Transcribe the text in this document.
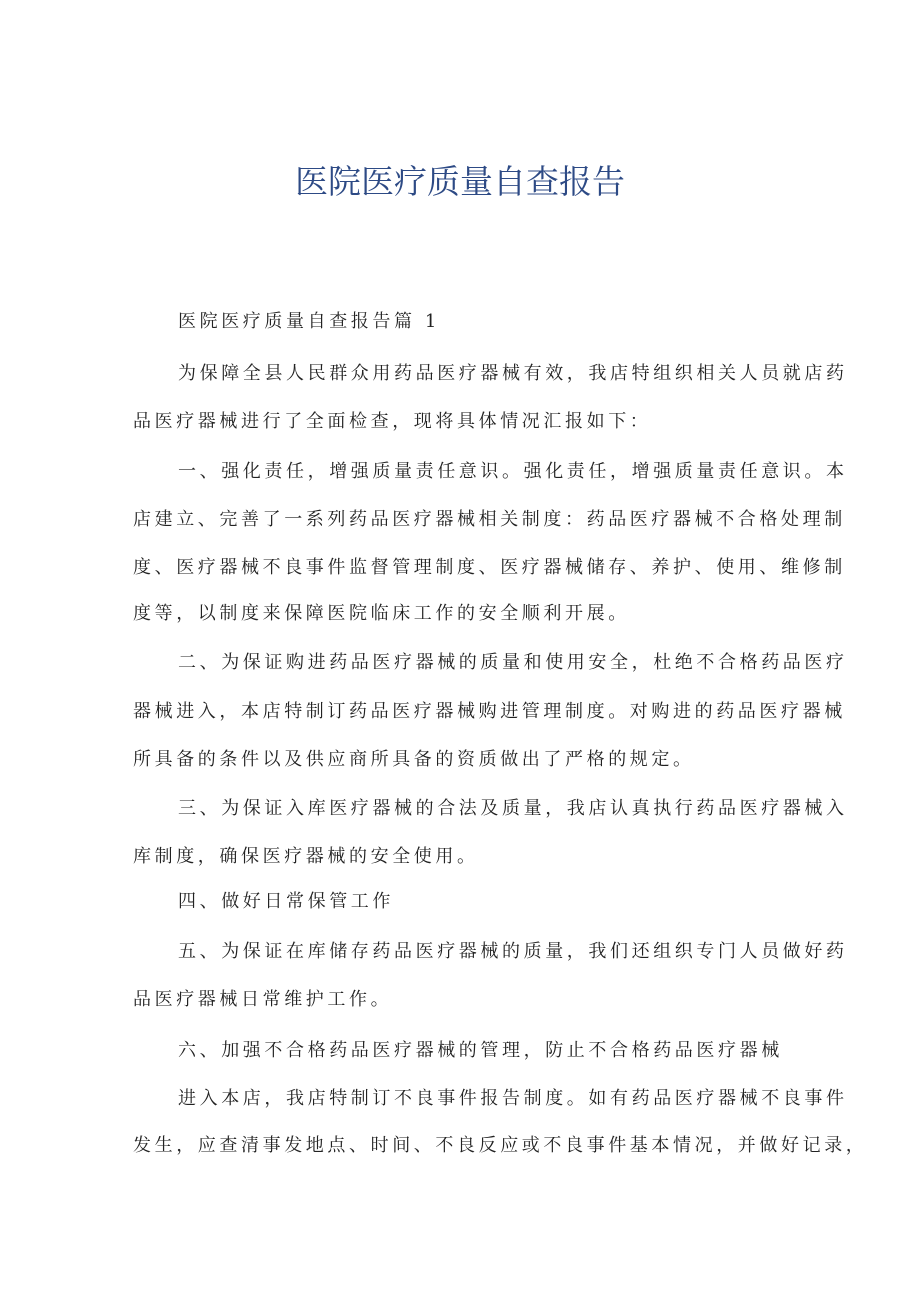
医院医疗质量自查报告

医院医疗质量自查报告篇 1

为保障全县人民群众用药品医疗器械有效，我店特组织相关人员就店药

品医疗器械进行了全面检查，现将具体情况汇报如下：

一、强化责任，增强质量责任意识。强化责任，增强质量责任意识。本

店建立、完善了一系列药品医疗器械相关制度：药品医疗器械不合格处理制

度、医疗器械不良事件监督管理制度、医疗器械储存、养护、使用、维修制

度等，以制度来保障医院临床工作的安全顺利开展。

二、为保证购进药品医疗器械的质量和使用安全，杜绝不合格药品医疗

器械进入，本店特制订药品医疗器械购进管理制度。对购进的药品医疗器械

所具备的条件以及供应商所具备的资质做出了严格的规定。

三、为保证入库医疗器械的合法及质量，我店认真执行药品医疗器械入

库制度，确保医疗器械的安全使用。

四、做好日常保管工作

五、为保证在库储存药品医疗器械的质量，我们还组织专门人员做好药

品医疗器械日常维护工作。

六、加强不合格药品医疗器械的管理，防止不合格药品医疗器械

进入本店，我店特制订不良事件报告制度。如有药品医疗器械不良事件

发生，应查清事发地点、时间、不良反应或不良事件基本情况，并做好记录，
